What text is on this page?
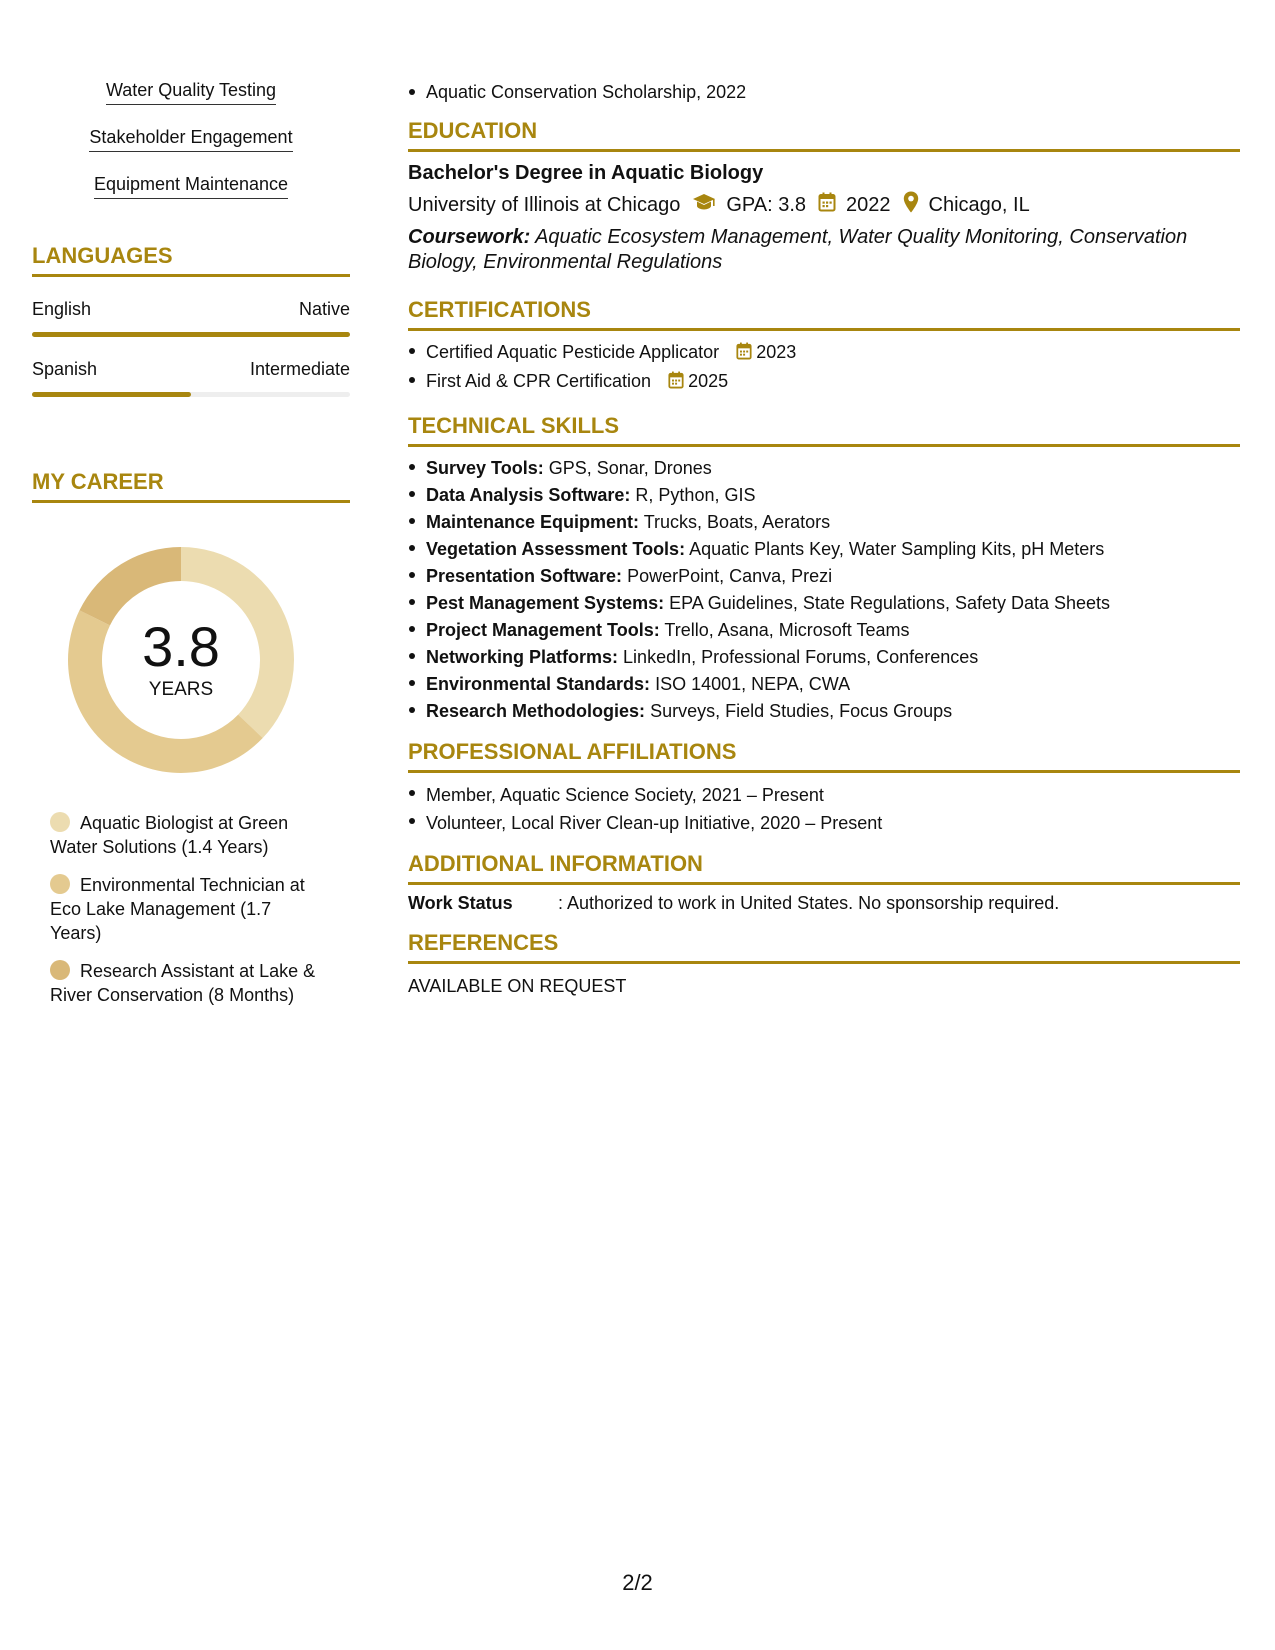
Water Quality Testing
Stakeholder Engagement
Equipment Maintenance
LANGUAGES
English	Native
Spanish	Intermediate
MY CAREER
3.8
YEARS
Aquatic Biologist at Green Water Solutions (1.4 Years)
Environmental Technician at Eco Lake Management (1.7 Years)
Research Assistant at Lake & River Conservation (8 Months)
Aquatic Conservation Scholarship, 2022
EDUCATION
Bachelor's Degree in Aquatic Biology
University of Illinois at Chicago GPA: 3.8 2022 Chicago, IL
Coursework: Aquatic Ecosystem Management, Water Quality Monitoring, Conservation Biology, Environmental Regulations
CERTIFICATIONS
Certified Aquatic Pesticide Applicator 2023
First Aid & CPR Certification 2025
TECHNICAL SKILLS
Survey Tools: GPS, Sonar, Drones
Data Analysis Software: R, Python, GIS
Maintenance Equipment: Trucks, Boats, Aerators
Vegetation Assessment Tools: Aquatic Plants Key, Water Sampling Kits, pH Meters
Presentation Software: PowerPoint, Canva, Prezi
Pest Management Systems: EPA Guidelines, State Regulations, Safety Data Sheets
Project Management Tools: Trello, Asana, Microsoft Teams
Networking Platforms: LinkedIn, Professional Forums, Conferences
Environmental Standards: ISO 14001, NEPA, CWA
Research Methodologies: Surveys, Field Studies, Focus Groups
PROFESSIONAL AFFILIATIONS
Member, Aquatic Science Society, 2021 – Present
Volunteer, Local River Clean-up Initiative, 2020 – Present
ADDITIONAL INFORMATION
Work Status	: Authorized to work in United States. No sponsorship required.
REFERENCES
AVAILABLE ON REQUEST
2/2
